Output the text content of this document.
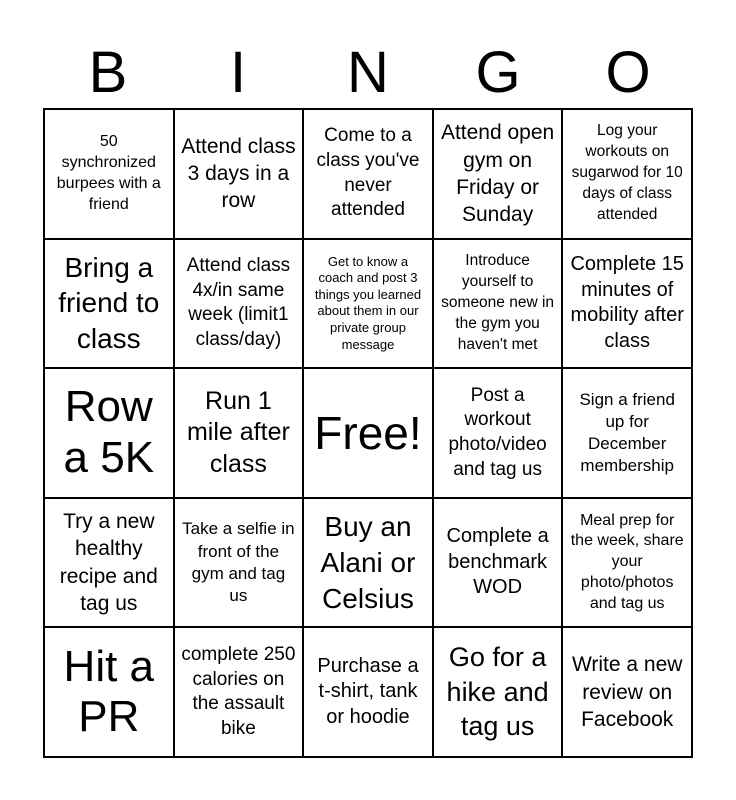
B	I	N	G	O
50 synchronized burpees with a friend
Attend class 3 days in a row
Come to a class you've never attended
Attend open gym on Friday or Sunday
Log your workouts on sugarwod for 10 days of class attended
Bring a friend to class
Attend class 4x/in same week (limit1 class/day)
Get to know a coach and post 3 things you learned about them in our private group message
Introduce yourself to someone new in the gym you haven't met
Complete 15 minutes of mobility after class
Row a 5K
Run 1 mile after class
Free!
Post a workout photo/video and tag us
Sign a friend up for December membership
Try a new healthy recipe and tag us
Take a selfie in front of the gym and tag us
Buy an Alani or Celsius
Complete a benchmark WOD
Meal prep for the week, share your photo/photos and tag us
Hit a PR
complete 250 calories on the assault bike
Purchase a t-shirt, tank or hoodie
Go for a hike and tag us
Write a new review on Facebook
